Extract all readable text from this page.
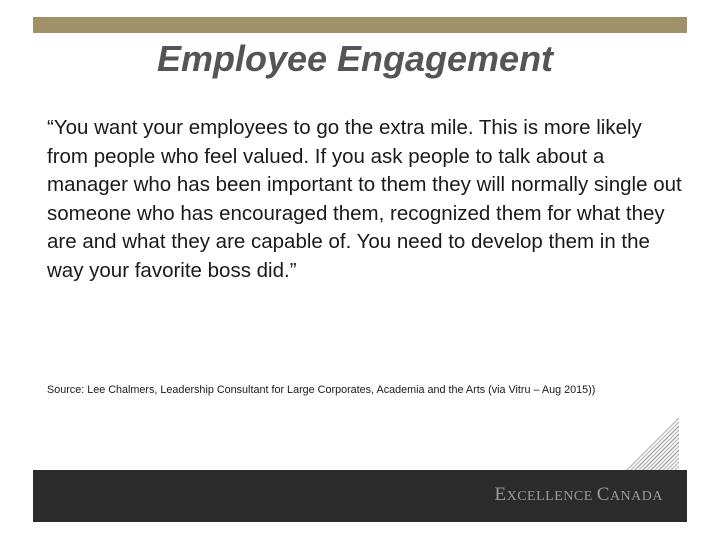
Employee Engagement

“You want your employees to go the extra mile. This is more likely from people who feel valued. If you ask people to talk about a manager who has been important to them they will normally single out someone who has encouraged them, recognized them for what they are and what they are capable of. You need to develop them in the way your favorite boss did.”

Source: Lee Chalmers, Leadership Consultant for Large Corporates, Academia and the Arts (via Vitru – Aug 2015))

EXCELLENCE CANADA
